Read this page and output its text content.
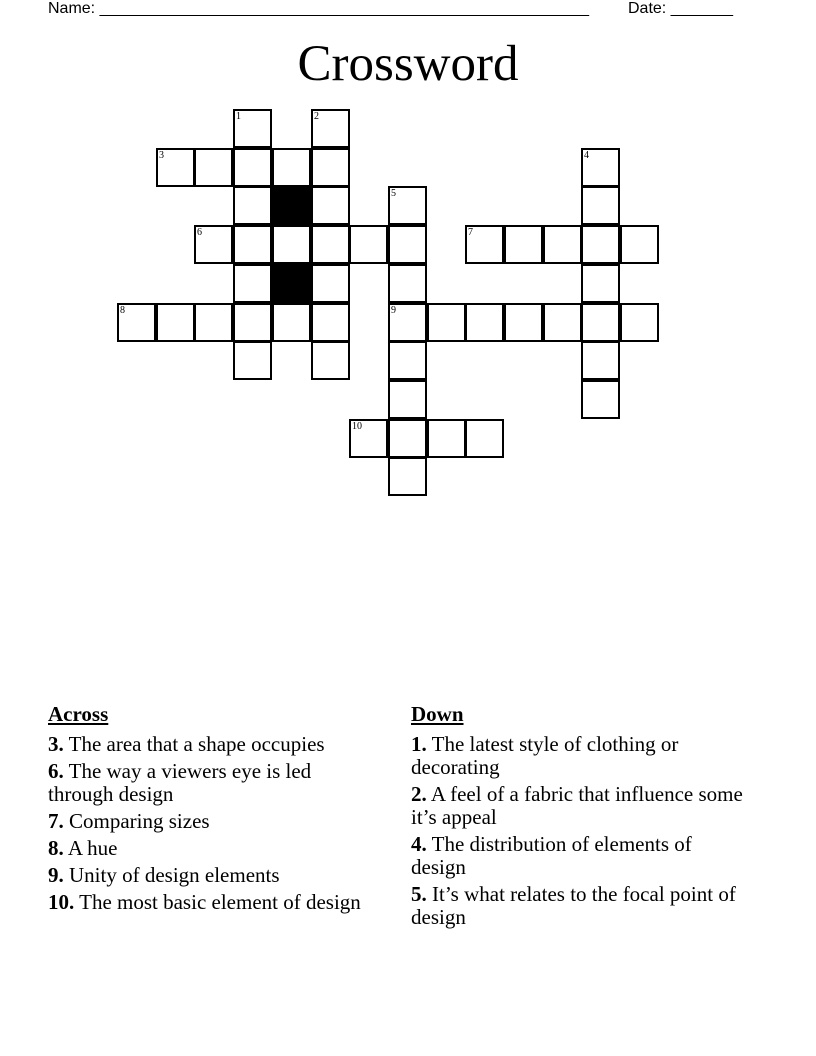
Name: _______________________________________________________ Date: _______
Crossword
1	2
3	4
5
6	7
8	9
10
Across
3. The area that a shape occupies
6. The way a viewers eye is led through design
7. Comparing sizes
8. A hue
9. Unity of design elements
10. The most basic element of design
Down
1. The latest style of clothing or decorating
2. A feel of a fabric that influence some it’s appeal
4. The distribution of elements of design
5. It’s what relates to the focal point of design
